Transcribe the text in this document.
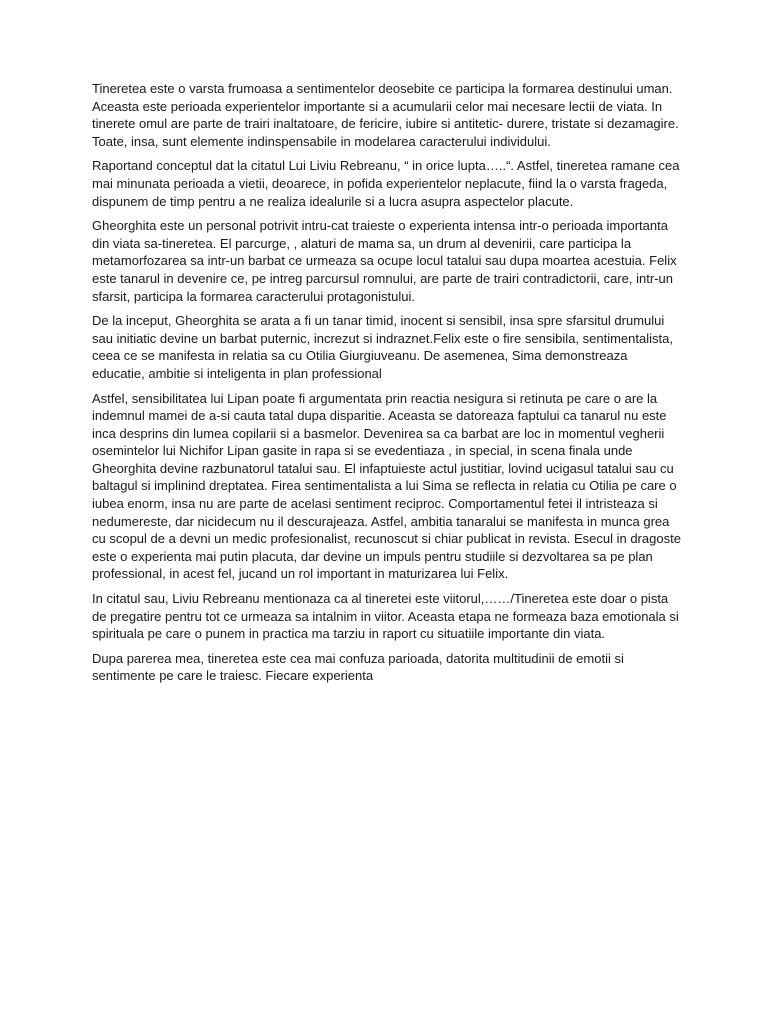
Tineretea este o varsta frumoasa a sentimentelor deosebite ce participa la formarea destinului uman. Aceasta este perioada experientelor importante si a acumularii celor mai necesare lectii de viata. In tinerete omul are parte de trairi inaltatoare, de fericire, iubire si antitetic- durere, tristate si dezamagire. Toate, insa, sunt elemente indinspensabile in modelarea caracterului individului.

Raportand conceptul dat la citatul Lui Liviu Rebreanu, “ in orice lupta…..“. Astfel, tineretea ramane cea mai minunata perioada a vietii, deoarece, in pofida experientelor neplacute, fiind la o varsta frageda, dispunem de timp pentru a ne realiza idealurile si a lucra asupra aspectelor placute.

Gheorghita este un personal potrivit intru-cat traieste o experienta intensa intr-o perioada importanta din viata sa-tineretea. El parcurge, , alaturi de mama sa, un drum al devenirii, care participa la metamorfozarea sa intr-un barbat ce urmeaza sa ocupe locul tatalui sau dupa moartea acestuia. Felix este tanarul in devenire ce, pe intreg parcursul romnului, are parte de trairi contradictorii, care, intr-un sfarsit, participa la formarea caracterului protagonistului.

De la inceput, Gheorghita se arata a fi un tanar timid, inocent si sensibil, insa spre sfarsitul drumului sau initiatic devine un barbat puternic, increzut si indraznet.Felix este o fire sensibila, sentimentalista, ceea ce se manifesta in relatia sa cu Otilia Giurgiuveanu. De asemenea, Sima demonstreaza educatie, ambitie si inteligenta in plan professional

Astfel, sensibilitatea lui Lipan poate fi argumentata prin reactia nesigura si retinuta pe care o are la indemnul mamei de a-si cauta tatal dupa disparitie. Aceasta se datoreaza faptului ca tanarul nu este inca desprins din lumea copilarii si a basmelor. Devenirea sa ca barbat are loc in momentul vegherii osemintelor lui Nichifor Lipan gasite in rapa si se evedentiaza , in special, in scena finala unde Gheorghita devine razbunatorul tatalui sau. El infaptuieste actul justitiar, lovind ucigasul tatalui sau cu baltagul si implinind dreptatea. Firea sentimentalista a lui Sima se reflecta in relatia cu Otilia pe care o iubea enorm, insa nu are parte de acelasi sentiment reciproc. Comportamentul fetei il intristeaza si nedumereste, dar nicidecum nu il descurajeaza. Astfel, ambitia tanaralui se manifesta in munca grea cu scopul de a devni un medic profesionalist, recunoscut si chiar publicat in revista. Esecul in dragoste este o experienta mai putin placuta, dar devine un impuls pentru studiile si dezvoltarea sa pe plan professional, in acest fel, jucand un rol important in maturizarea lui Felix.

In citatul sau, Liviu Rebreanu mentionaza ca al tineretei este viitorul,……/Tineretea este doar o pista de pregatire pentru tot ce urmeaza sa intalnim in viitor. Aceasta etapa ne formeaza baza emotionala si spirituala pe care o punem in practica ma tarziu in raport cu situatiile importante din viata.

Dupa parerea mea, tineretea este cea mai confuza parioada, datorita multitudinii de emotii si sentimente pe care le traiesc. Fiecare experienta
